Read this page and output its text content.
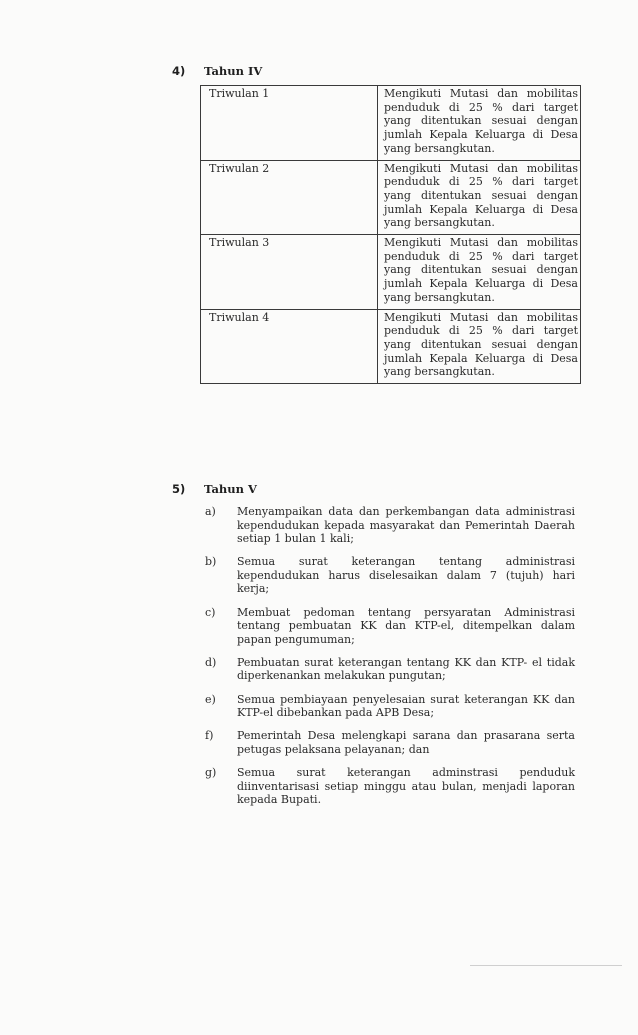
4) Tahun IV
Triwulan 1	Mengikuti Mutasi dan mobilitas penduduk di 25 % dari target yang ditentukan sesuai dengan jumlah Kepala Keluarga di Desa yang bersangkutan.
Triwulan 2	Mengikuti Mutasi dan mobilitas penduduk di 25 % dari target yang ditentukan sesuai dengan jumlah Kepala Keluarga di Desa yang bersangkutan.
Triwulan 3	Mengikuti Mutasi dan mobilitas penduduk di 25 % dari target yang ditentukan sesuai dengan jumlah Kepala Keluarga di Desa yang bersangkutan.
Triwulan 4	Mengikuti Mutasi dan mobilitas penduduk di 25 % dari target yang ditentukan sesuai dengan jumlah Kepala Keluarga di Desa yang bersangkutan.
5) Tahun V
a) Menyampaikan data dan perkembangan data administrasi kependudukan kepada masyarakat dan Pemerintah Daerah setiap 1 bulan 1 kali;
b) Semua surat keterangan tentang administrasi kependudukan harus diselesaikan dalam 7 (tujuh) hari kerja;
c) Membuat pedoman tentang persyaratan Administrasi tentang pembuatan KK dan KTP-el, ditempelkan dalam papan pengumuman;
d) Pembuatan surat keterangan tentang KK dan KTP- el tidak diperkenankan melakukan pungutan;
e) Semua pembiayaan penyelesaian surat keterangan KK dan KTP-el dibebankan pada APB Desa;
f) Pemerintah Desa melengkapi sarana dan prasarana serta petugas pelaksana pelayanan; dan
g) Semua surat keterangan adminstrasi penduduk diinventarisasi setiap minggu atau bulan, menjadi laporan kepada Bupati.
